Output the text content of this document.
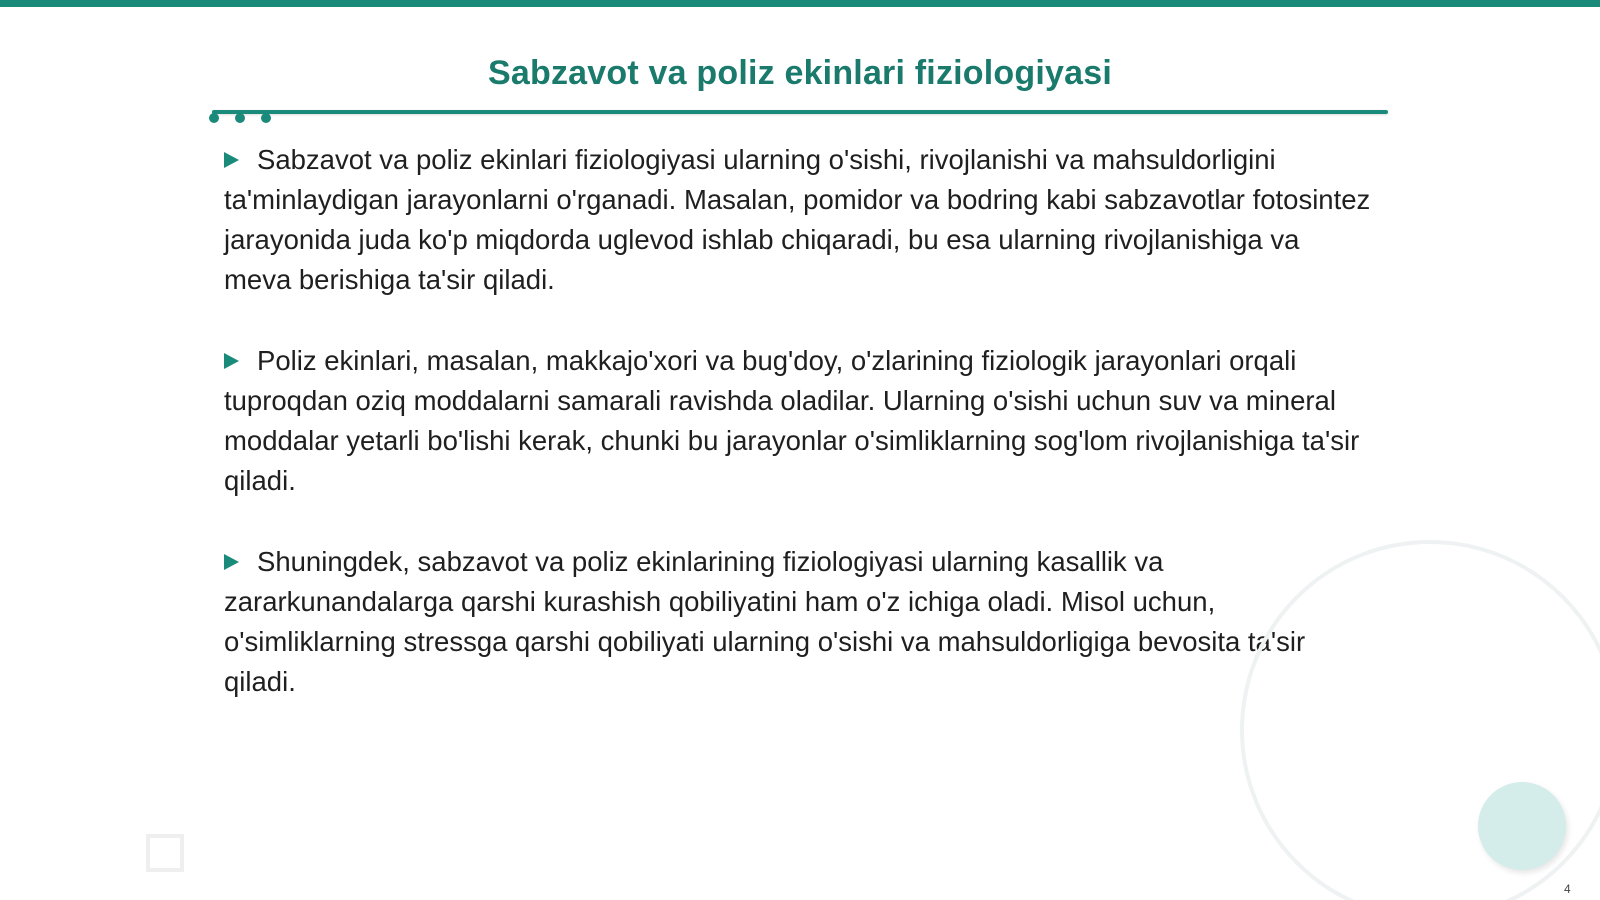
Sabzavot va poliz ekinlari fiziologiyasi
Sabzavot va poliz ekinlari fiziologiyasi ularning o'sishi, rivojlanishi va mahsuldorligini ta'minlaydigan jarayonlarni o'rganadi. Masalan, pomidor va bodring kabi sabzavotlar fotosintez jarayonida juda ko'p miqdorda uglevod ishlab chiqaradi, bu esa ularning rivojlanishiga va meva berishiga ta'sir qiladi.
Poliz ekinlari, masalan, makkajo'xori va bug'doy, o'zlarining fiziologik jarayonlari orqali tuproqdan oziq moddalarni samarali ravishda oladilar. Ularning o'sishi uchun suv va mineral moddalar yetarli bo'lishi kerak, chunki bu jarayonlar o'simliklarning sog'lom rivojlanishiga ta'sir qiladi.
Shuningdek, sabzavot va poliz ekinlarining fiziologiyasi ularning kasallik va zararkunandalarga qarshi kurashish qobiliyatini ham o'z ichiga oladi. Misol uchun, o'simliklarning stressga qarshi qobiliyati ularning o'sishi va mahsuldorligiga bevosita ta'sir qiladi.
4
